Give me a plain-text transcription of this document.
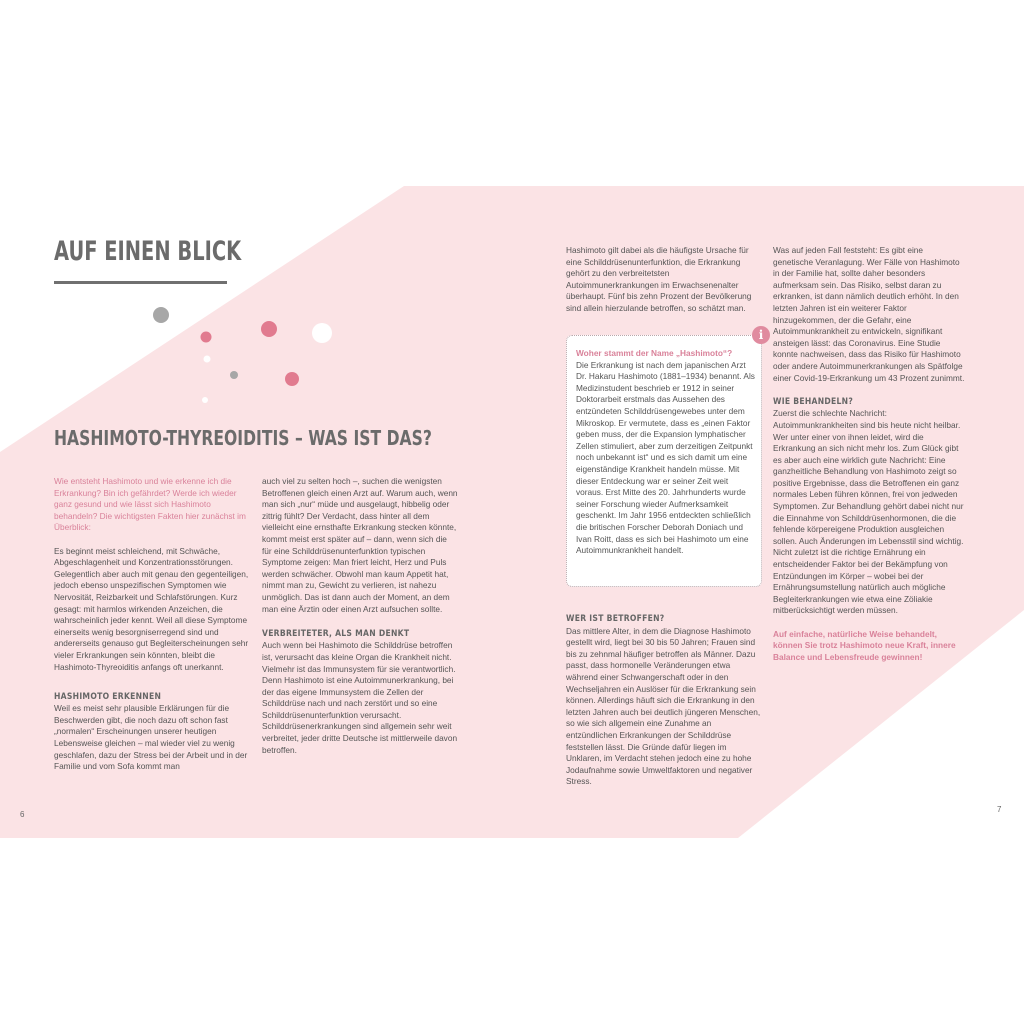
AUF EINEN BLICK
HASHIMOTO-THYREOIDITIS – WAS IST DAS?

Wie entsteht Hashimoto und wie erkenne ich die Erkrankung? Bin ich gefährdet? Werde ich wieder ganz gesund und wie lässt sich Hashimoto behandeln? Die wichtigsten Fakten hier zunächst im Überblick:

Es beginnt meist schleichend, mit Schwäche, Abgeschlagenheit und Konzentrationsstörungen. Gelegentlich aber auch mit genau den gegenteiligen, jedoch ebenso unspezifischen Symptomen wie Nervosität, Reizbarkeit und Schlafstörungen. Kurz gesagt: mit harmlos wirkenden Anzeichen, die wahrscheinlich jeder kennt. Weil all diese Symptome einerseits wenig besorgniserregend sind und andererseits genauso gut Begleiterscheinungen sehr vieler Erkrankungen sein könnten, bleibt die Hashimoto-Thyreoiditis anfangs oft unerkannt.

HASHIMOTO ERKENNEN

Weil es meist sehr plausible Erklärungen für die Beschwerden gibt, die noch dazu oft schon fast „normalen“ Erscheinungen unserer heutigen Lebensweise gleichen – mal wieder viel zu wenig geschlafen, dazu der Stress bei der Arbeit und in der Familie und vom Sofa kommt man

auch viel zu selten hoch –, suchen die wenigsten Betroffenen gleich einen Arzt auf. Warum auch, wenn man sich „nur“ müde und ausgelaugt, hibbelig oder zittrig fühlt? Der Verdacht, dass hinter all dem vielleicht eine ernsthafte Erkrankung stecken könnte, kommt meist erst später auf – dann, wenn sich die für eine Schilddrüsenunterfunktion typischen Symptome zeigen: Man friert leicht, Herz und Puls werden schwächer. Obwohl man kaum Appetit hat, nimmt man zu, Gewicht zu verlieren, ist nahezu unmöglich. Das ist dann auch der Moment, an dem man eine Ärztin oder einen Arzt aufsuchen sollte.

VERBREITETER, ALS MAN DENKT

Auch wenn bei Hashimoto die Schilddrüse betroffen ist, verursacht das kleine Organ die Krankheit nicht. Vielmehr ist das Immunsystem für sie verantwortlich. Denn Hashimoto ist eine Autoimmunerkrankung, bei der das eigene Immunsystem die Zellen der Schilddrüse nach und nach zerstört und so eine Schilddrüsenunterfunktion verursacht. Schilddrüsenerkrankungen sind allgemein sehr weit verbreitet, jeder dritte Deutsche ist mittlerweile davon betroffen.

6

Hashimoto gilt dabei als die häufigste Ursache für eine Schilddrüsenunterfunktion, die Erkrankung gehört zu den verbreitetsten Autoimmunerkrankungen im Erwachsenenalter überhaupt. Fünf bis zehn Prozent der Bevölkerung sind allein hierzulande betroffen, so schätzt man.

Woher stammt der Name „Hashimoto“?

Die Erkrankung ist nach dem japanischen Arzt Dr. Hakaru Hashimoto (1881–1934) benannt. Als Medizinstudent beschrieb er 1912 in seiner Doktorarbeit erstmals das Aussehen des entzündeten Schilddrüsengewebes unter dem Mikroskop. Er vermutete, dass es „einen Faktor geben muss, der die Expansion lymphatischer Zellen stimuliert, aber zum derzeitigen Zeitpunkt noch unbekannt ist“ und es sich damit um eine eigenständige Krankheit handeln müsse. Mit dieser Entdeckung war er seiner Zeit weit voraus. Erst Mitte des 20. Jahrhunderts wurde seiner Forschung wieder Aufmerksamkeit geschenkt. Im Jahr 1956 entdeckten schließlich die britischen Forscher Deborah Doniach und Ivan Roitt, dass es sich bei Hashimoto um eine Autoimmunkrankheit handelt.

i
WER IST BETROFFEN?

Das mittlere Alter, in dem die Diagnose Hashimoto gestellt wird, liegt bei 30 bis 50 Jahren; Frauen sind bis zu zehnmal häufiger betroffen als Männer. Dazu passt, dass hormonelle Veränderungen etwa während einer Schwangerschaft oder in den Wechseljahren ein Auslöser für die Erkrankung sein können. Allerdings häuft sich die Erkrankung in den letzten Jahren auch bei deutlich jüngeren Menschen, so wie sich allgemein eine Zunahme an entzündlichen Erkrankungen der Schilddrüse feststellen lässt. Die Gründe dafür liegen im Unklaren, im Verdacht stehen jedoch eine zu hohe Jodaufnahme sowie Umweltfaktoren und negativer Stress.

Was auf jeden Fall feststeht: Es gibt eine genetische Veranlagung. Wer Fälle von Hashimoto in der Familie hat, sollte daher besonders aufmerksam sein. Das Risiko, selbst daran zu erkranken, ist dann nämlich deutlich erhöht. In den letzten Jahren ist ein weiterer Faktor hinzugekommen, der die Gefahr, eine Autoimmunkrankheit zu entwickeln, signifikant ansteigen lässt: das Coronavirus. Eine Studie konnte nachweisen, dass das Risiko für Hashimoto oder andere Autoimmunerkrankungen als Spätfolge einer Covid-19-Erkrankung um 43 Prozent zunimmt.

WIE BEHANDELN?

Zuerst die schlechte Nachricht: Autoimmunkrankheiten sind bis heute nicht heilbar. Wer unter einer von ihnen leidet, wird die Erkrankung an sich nicht mehr los. Zum Glück gibt es aber auch eine wirklich gute Nachricht: Eine ganzheitliche Behandlung von Hashimoto zeigt so positive Ergebnisse, dass die Betroffenen ein ganz normales Leben führen können, frei von jedweden Symptomen. Zur Behandlung gehört dabei nicht nur die Einnahme von Schilddrüsenhormonen, die die fehlende körpereigene Produktion ausgleichen sollen. Auch Änderungen im Lebensstil sind wichtig. Nicht zuletzt ist die richtige Ernährung ein entscheidender Faktor bei der Bekämpfung von Entzündungen im Körper – wobei bei der Ernährungsumstellung natürlich auch mögliche Begleiterkrankungen wie etwa eine Zöliakie mitberücksichtigt werden müssen.

Auf einfache, natürliche Weise behandelt, können Sie trotz Hashimoto neue Kraft, innere Balance und Lebensfreude gewinnen!

7
